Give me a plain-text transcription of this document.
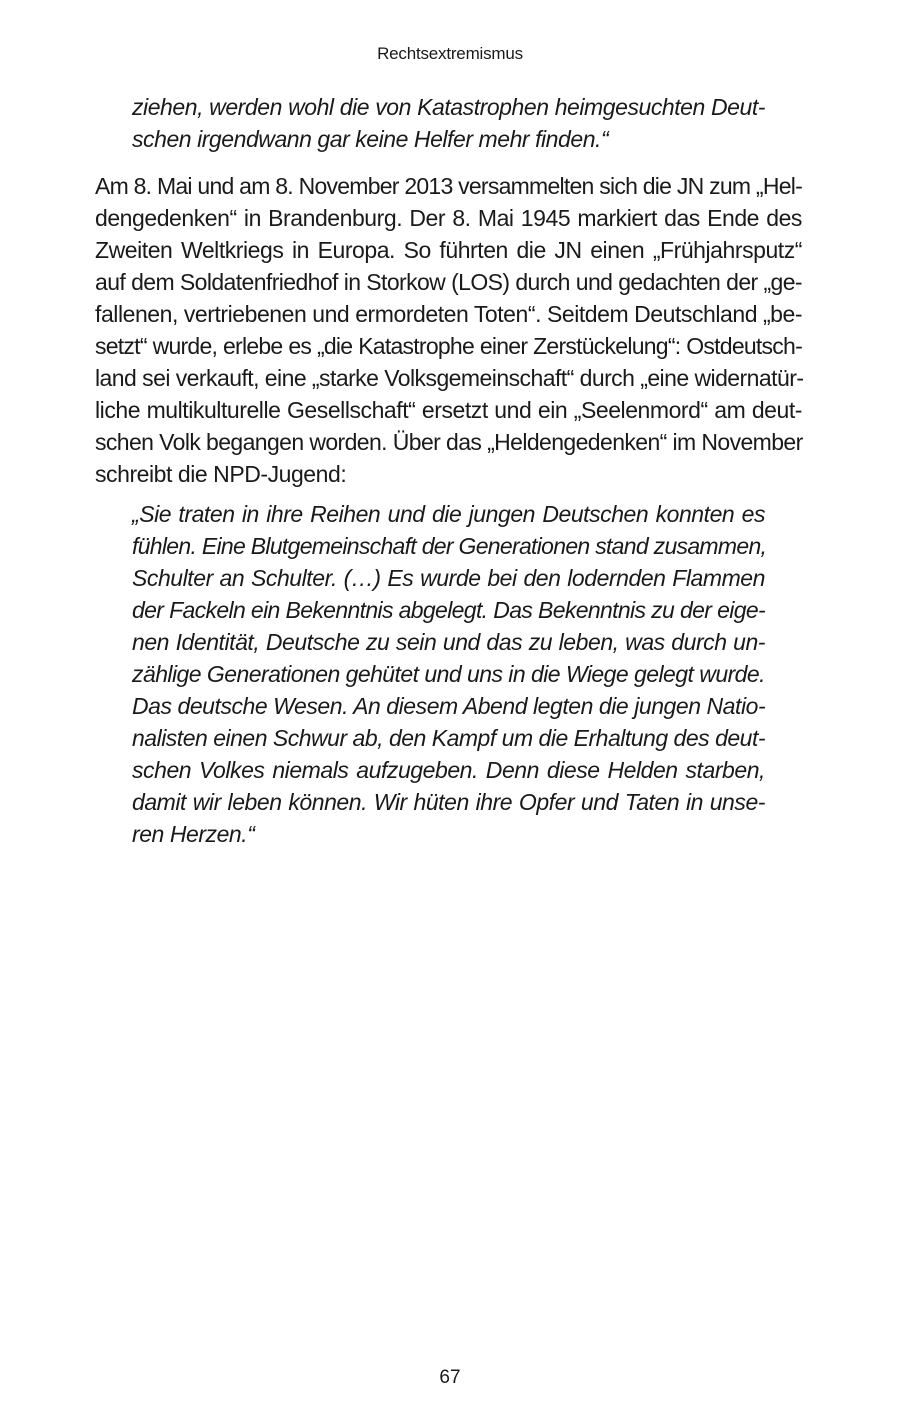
Rechtsextremismus
ziehen, werden wohl die von Katastrophen heimgesuchten Deut-
schen irgendwann gar keine Helfer mehr finden.“
Am 8. Mai und am 8. November 2013 versammelten sich die JN zum „Hel-
dengedenken“ in Brandenburg. Der 8. Mai 1945 markiert das Ende des
Zweiten Weltkriegs in Europa. So führten die JN einen „Frühjahrsputz“
auf dem Soldatenfriedhof in Storkow (LOS) durch und gedachten der „ge-
fallenen, vertriebenen und ermordeten Toten“. Seitdem Deutschland „be-
setzt“ wurde, erlebe es „die Katastrophe einer Zerstückelung“: Ostdeutsch-
land sei verkauft, eine „starke Volksgemeinschaft“ durch „eine widernatür-
liche multikulturelle Gesellschaft“ ersetzt und ein „Seelenmord“ am deut-
schen Volk begangen worden. Über das „Heldengedenken“ im November
schreibt die NPD-Jugend:
„Sie traten in ihre Reihen und die jungen Deutschen konnten es
fühlen. Eine Blutgemeinschaft der Generationen stand zusammen,
Schulter an Schulter. (…) Es wurde bei den lodernden Flammen
der Fackeln ein Bekenntnis abgelegt. Das Bekenntnis zu der eige-
nen Identität, Deutsche zu sein und das zu leben, was durch un-
zählige Generationen gehütet und uns in die Wiege gelegt wurde.
Das deutsche Wesen. An diesem Abend legten die jungen Natio-
nalisten einen Schwur ab, den Kampf um die Erhaltung des deut-
schen Volkes niemals aufzugeben. Denn diese Helden starben,
damit wir leben können. Wir hüten ihre Opfer und Taten in unse-
ren Herzen.“
67
